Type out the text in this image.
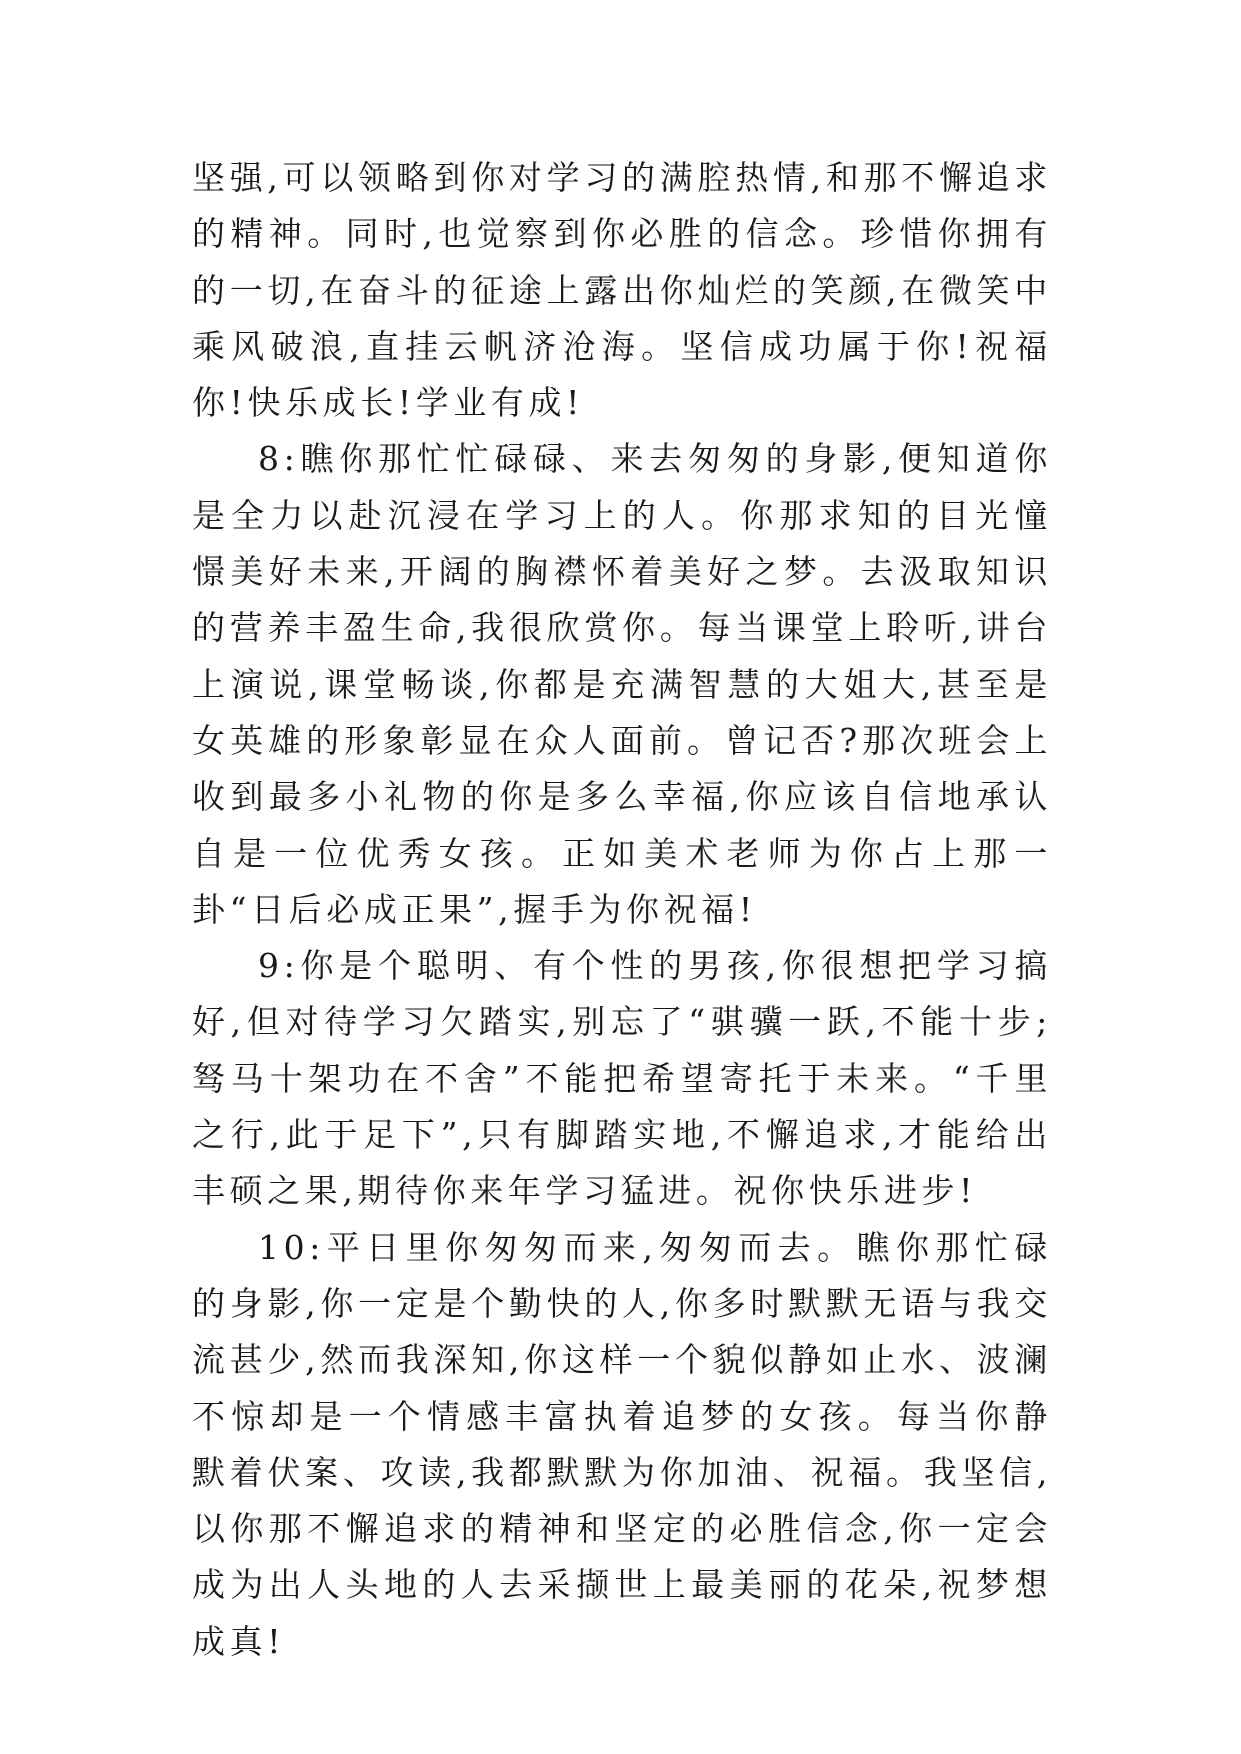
坚强,可以领略到你对学习的满腔热情,和那不懈追求的精神。同时,也觉察到你必胜的信念。珍惜你拥有的一切,在奋斗的征途上露出你灿烂的笑颜,在微笑中乘风破浪,直挂云帆济沧海。坚信成功属于你!祝福你!快乐成长!学业有成!

8:瞧你那忙忙碌碌、来去匆匆的身影,便知道你是全力以赴沉浸在学习上的人。你那求知的目光憧憬美好未来,开阔的胸襟怀着美好之梦。去汲取知识的营养丰盈生命,我很欣赏你。每当课堂上聆听,讲台上演说,课堂畅谈,你都是充满智慧的大姐大,甚至是女英雄的形象彰显在众人面前。曾记否?那次班会上收到最多小礼物的你是多么幸福,你应该自信地承认自是一位优秀女孩。正如美术老师为你占上那一卦“日后必成正果”,握手为你祝福!

9:你是个聪明、有个性的男孩,你很想把学习搞好,但对待学习欠踏实,别忘了“骐骥一跃,不能十步;驽马十架功在不舍”不能把希望寄托于未来。“千里之行,此于足下”,只有脚踏实地,不懈追求,才能给出丰硕之果,期待你来年学习猛进。祝你快乐进步!

10:平日里你匆匆而来,匆匆而去。瞧你那忙碌的身影,你一定是个勤快的人,你多时默默无语与我交流甚少,然而我深知,你这样一个貌似静如止水、波澜不惊却是一个情感丰富执着追梦的女孩。每当你静默着伏案、攻读,我都默默为你加油、祝福。我坚信,以你那不懈追求的精神和坚定的必胜信念,你一定会成为出人头地的人去采撷世上最美丽的花朵,祝梦想成真!
